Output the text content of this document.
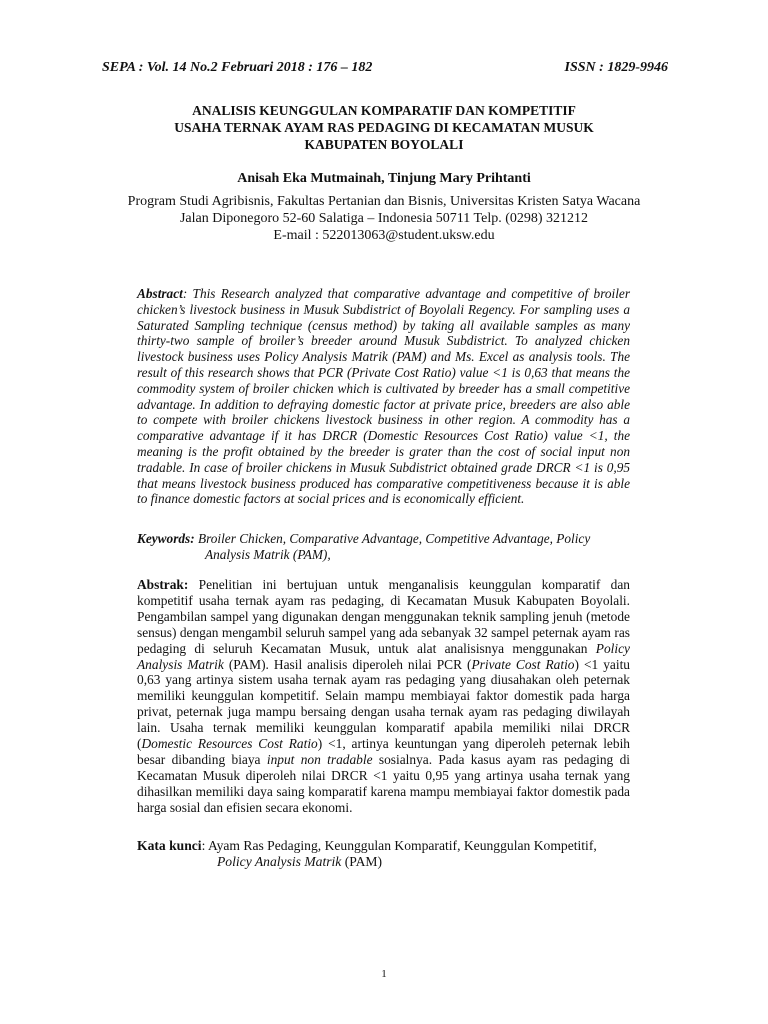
SEPA : Vol. 14 No.2 Februari 2018 : 176 – 182	ISSN : 1829-9946
ANALISIS KEUNGGULAN KOMPARATIF DAN KOMPETITIF
USAHA TERNAK AYAM RAS PEDAGING DI KECAMATAN MUSUK
KABUPATEN BOYOLALI
Anisah Eka Mutmainah, Tinjung Mary Prihtanti
Program Studi Agribisnis, Fakultas Pertanian dan Bisnis, Universitas Kristen Satya Wacana
Jalan Diponegoro 52-60 Salatiga – Indonesia 50711 Telp. (0298) 321212
E-mail : 522013063@student.uksw.edu
Abstract: This Research analyzed that comparative advantage and competitive of broiler chicken’s livestock business in Musuk Subdistrict of Boyolali Regency. For sampling uses a Saturated Sampling technique (census method) by taking all available samples as many thirty-two sample of broiler’s breeder around Musuk Subdistrict. To analyzed chicken livestock business uses Policy Analysis Matrik (PAM) and Ms. Excel as analysis tools. The result of this research shows that PCR (Private Cost Ratio) value <1 is 0,63 that means the commodity system of broiler chicken which is cultivated by breeder has a small competitive advantage. In addition to defraying domestic factor at private price, breeders are also able to compete with broiler chickens livestock business in other region. A commodity has a comparative advantage if it has DRCR (Domestic Resources Cost Ratio) value <1, the meaning is the profit obtained by the breeder is grater than the cost of social input non tradable. In case of broiler chickens in Musuk Subdistrict obtained grade DRCR <1 is 0,95 that means livestock business produced has comparative competitiveness because it is able to finance domestic factors at social prices and is economically efficient.
Keywords: Broiler Chicken, Comparative Advantage, Competitive Advantage, Policy
Analysis Matrik (PAM),
Abstrak: Penelitian ini bertujuan untuk menganalisis keunggulan komparatif dan kompetitif usaha ternak ayam ras pedaging, di Kecamatan Musuk Kabupaten Boyolali. Pengambilan sampel yang digunakan dengan menggunakan teknik sampling jenuh (metode sensus) dengan mengambil seluruh sampel yang ada sebanyak 32 sampel peternak ayam ras pedaging di seluruh Kecamatan Musuk, untuk alat analisisnya menggunakan Policy Analysis Matrik (PAM). Hasil analisis diperoleh nilai PCR (Private Cost Ratio) <1 yaitu 0,63 yang artinya sistem usaha ternak ayam ras pedaging yang diusahakan oleh peternak memiliki keunggulan kompetitif. Selain mampu membiayai faktor domestik pada harga privat, peternak juga mampu bersaing dengan usaha ternak ayam ras pedaging diwilayah lain. Usaha ternak memiliki keunggulan komparatif apabila memiliki nilai DRCR (Domestic Resources Cost Ratio) <1, artinya keuntungan yang diperoleh peternak lebih besar dibanding biaya input non tradable sosialnya. Pada kasus ayam ras pedaging di Kecamatan Musuk diperoleh nilai DRCR <1 yaitu 0,95 yang artinya usaha ternak yang dihasilkan memiliki daya saing komparatif karena mampu membiayai faktor domestik pada harga sosial dan efisien secara ekonomi.
Kata kunci: Ayam Ras Pedaging, Keunggulan Komparatif, Keunggulan Kompetitif,
Policy Analysis Matrik (PAM)
1
